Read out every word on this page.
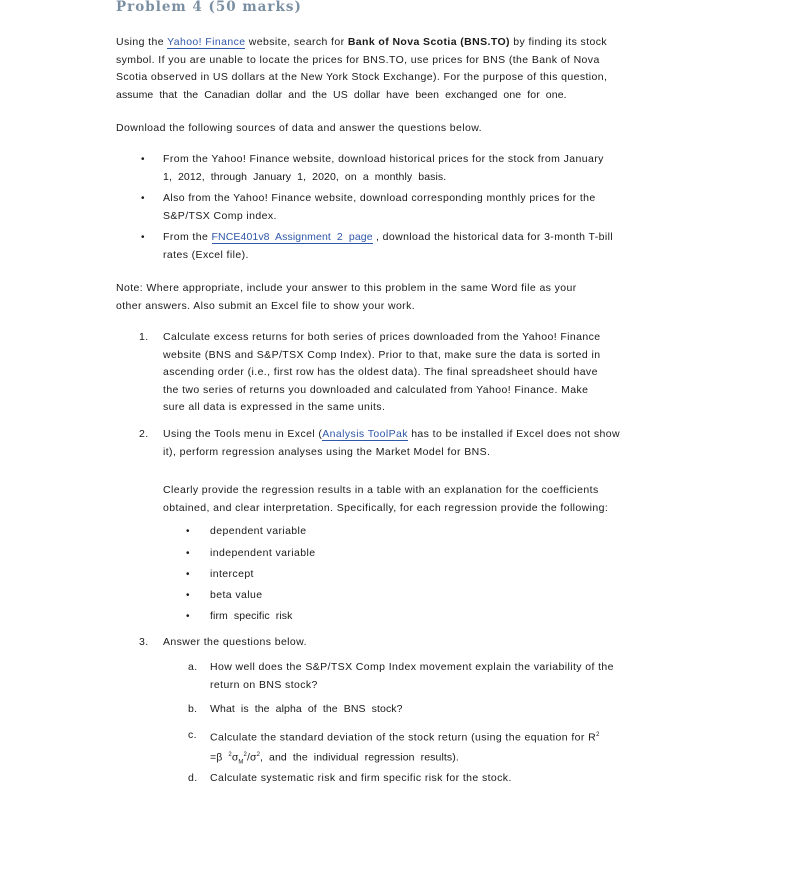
Problem 4 (50 marks)
Using the Yahoo! Finance website, search for Bank of Nova Scotia (BNS.TO) by finding its stock
symbol. If you are unable to locate the prices for BNS.TO, use prices for BNS (the Bank of Nova
Scotia observed in US dollars at the New York Stock Exchange). For the purpose of this question,
assume that the Canadian dollar and the US dollar have been exchanged one for one.
Download the following sources of data and answer the questions below.
• From the Yahoo! Finance website, download historical prices for the stock from January
1, 2012, through January 1, 2020, on a monthly basis.
• Also from the Yahoo! Finance website, download corresponding monthly prices for the
S&P/TSX Comp index.
• From the FNCE401v8 Assignment 2 page , download the historical data for 3-month T-bill
rates (Excel file).
Note: Where appropriate, include your answer to this problem in the same Word file as your
other answers. Also submit an Excel file to show your work.
1. Calculate excess returns for both series of prices downloaded from the Yahoo! Finance
website (BNS and S&P/TSX Comp Index). Prior to that, make sure the data is sorted in
ascending order (i.e., first row has the oldest data). The final spreadsheet should have
the two series of returns you downloaded and calculated from Yahoo! Finance. Make
sure all data is expressed in the same units.
2. Using the Tools menu in Excel (Analysis ToolPak has to be installed if Excel does not show
it), perform regression analyses using the Market Model for BNS.
Clearly provide the regression results in a table with an explanation for the coefficients
obtained, and clear interpretation. Specifically, for each regression provide the following:
• dependent variable
• independent variable
• intercept
• beta value
• firm specific risk
3. Answer the questions below.
a. How well does the S&P/TSX Comp Index movement explain the variability of the
return on BNS stock?
b. What is the alpha of the BNS stock?
c. Calculate the standard deviation of the stock return (using the equation for $R^2$
=β $^2\sigma_M^2/\sigma^2$, and the individual regression results).
d. Calculate systematic risk and firm specific risk for the stock.
